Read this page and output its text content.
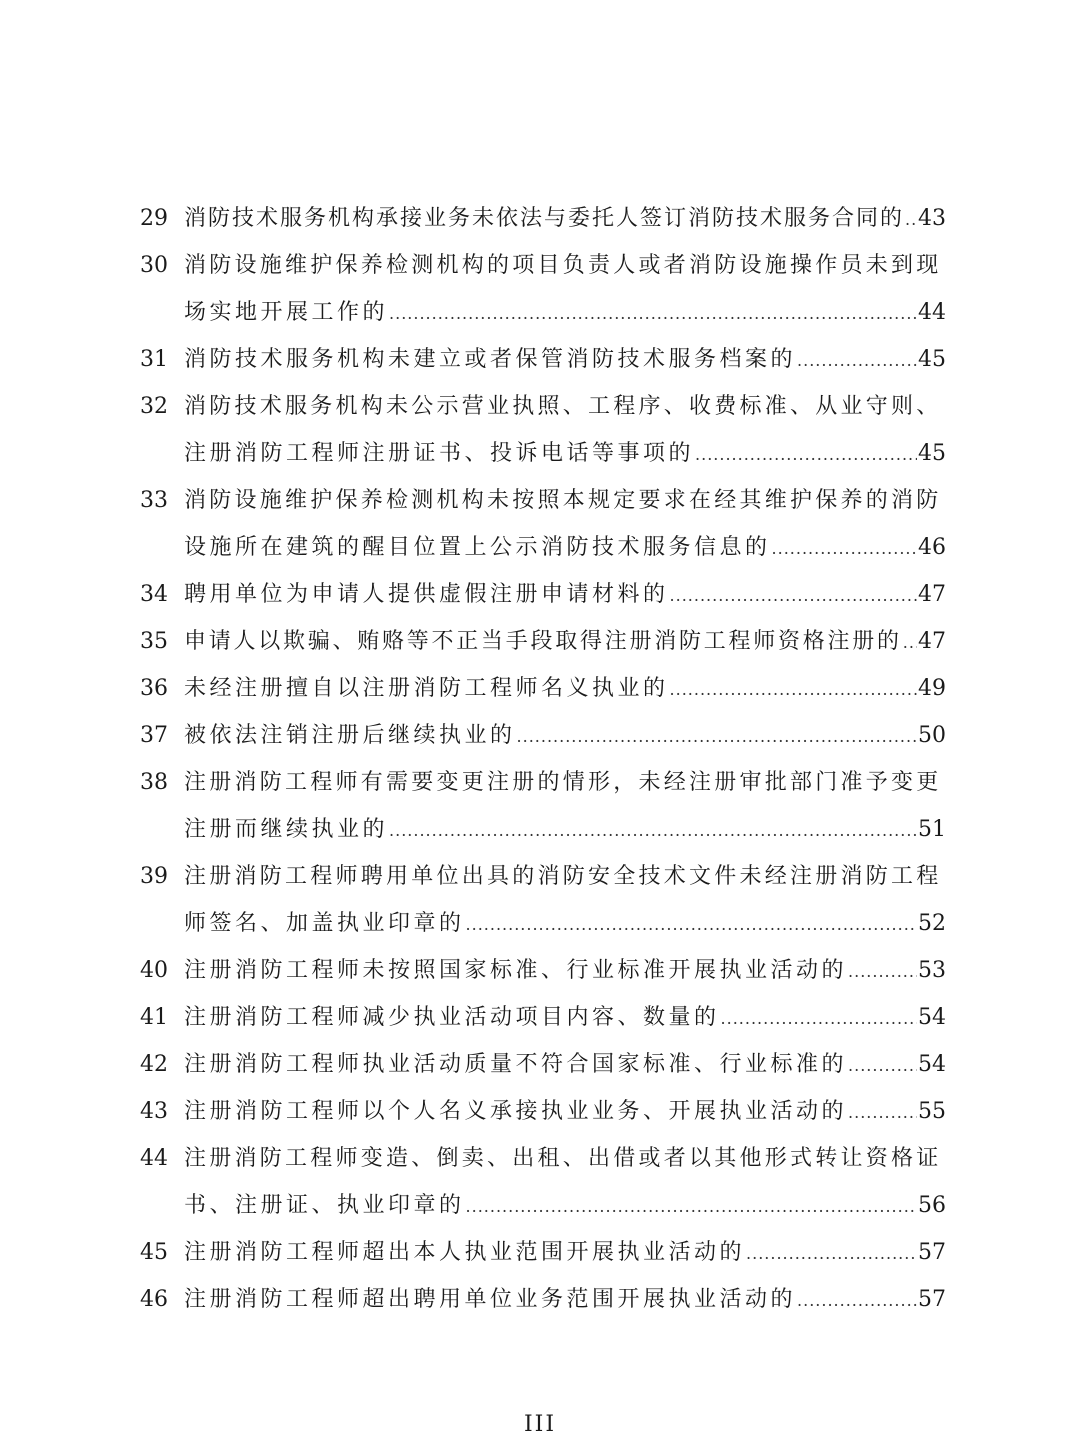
29 消防技术服务机构承接业务未依法与委托人签订消防技术服务合同的 ..... 43
30 消防设施维护保养检测机构的项目负责人或者消防设施操作员未到现
场实地开展工作的 .....	44
31 消防技术服务机构未建立或者保管消防技术服务档案的 .....	45
32 消防技术服务机构未公示营业执照、工程序、收费标准、从业守则、
注册消防工程师注册证书、投诉电话等事项的 .....	45
33 消防设施维护保养检测机构未按照本规定要求在经其维护保养的消防
设施所在建筑的醒目位置上公示消防技术服务信息的 .....	46
34 聘用单位为申请人提供虚假注册申请材料的 .....	47
35 申请人以欺骗、贿赂等不正当手段取得注册消防工程师资格注册的 ..... 47
36 未经注册擅自以注册消防工程师名义执业的 .....	49
37 被依法注销注册后继续执业的 .....	50
38 注册消防工程师有需要变更注册的情形，未经注册审批部门准予变更
注册而继续执业的 .....	51
39 注册消防工程师聘用单位出具的消防安全技术文件未经注册消防工程
师签名、加盖执业印章的 .....	52
40 注册消防工程师未按照国家标准、行业标准开展执业活动的 .....	53
41 注册消防工程师减少执业活动项目内容、数量的 .....	54
42 注册消防工程师执业活动质量不符合国家标准、行业标准的 .....	54
43 注册消防工程师以个人名义承接执业业务、开展执业活动的 .....	55
44 注册消防工程师变造、倒卖、出租、出借或者以其他形式转让资格证
书、注册证、执业印章的 .....	56
45 注册消防工程师超出本人执业范围开展执业活动的 .....	57
46 注册消防工程师超出聘用单位业务范围开展执业活动的 .....	57
III
